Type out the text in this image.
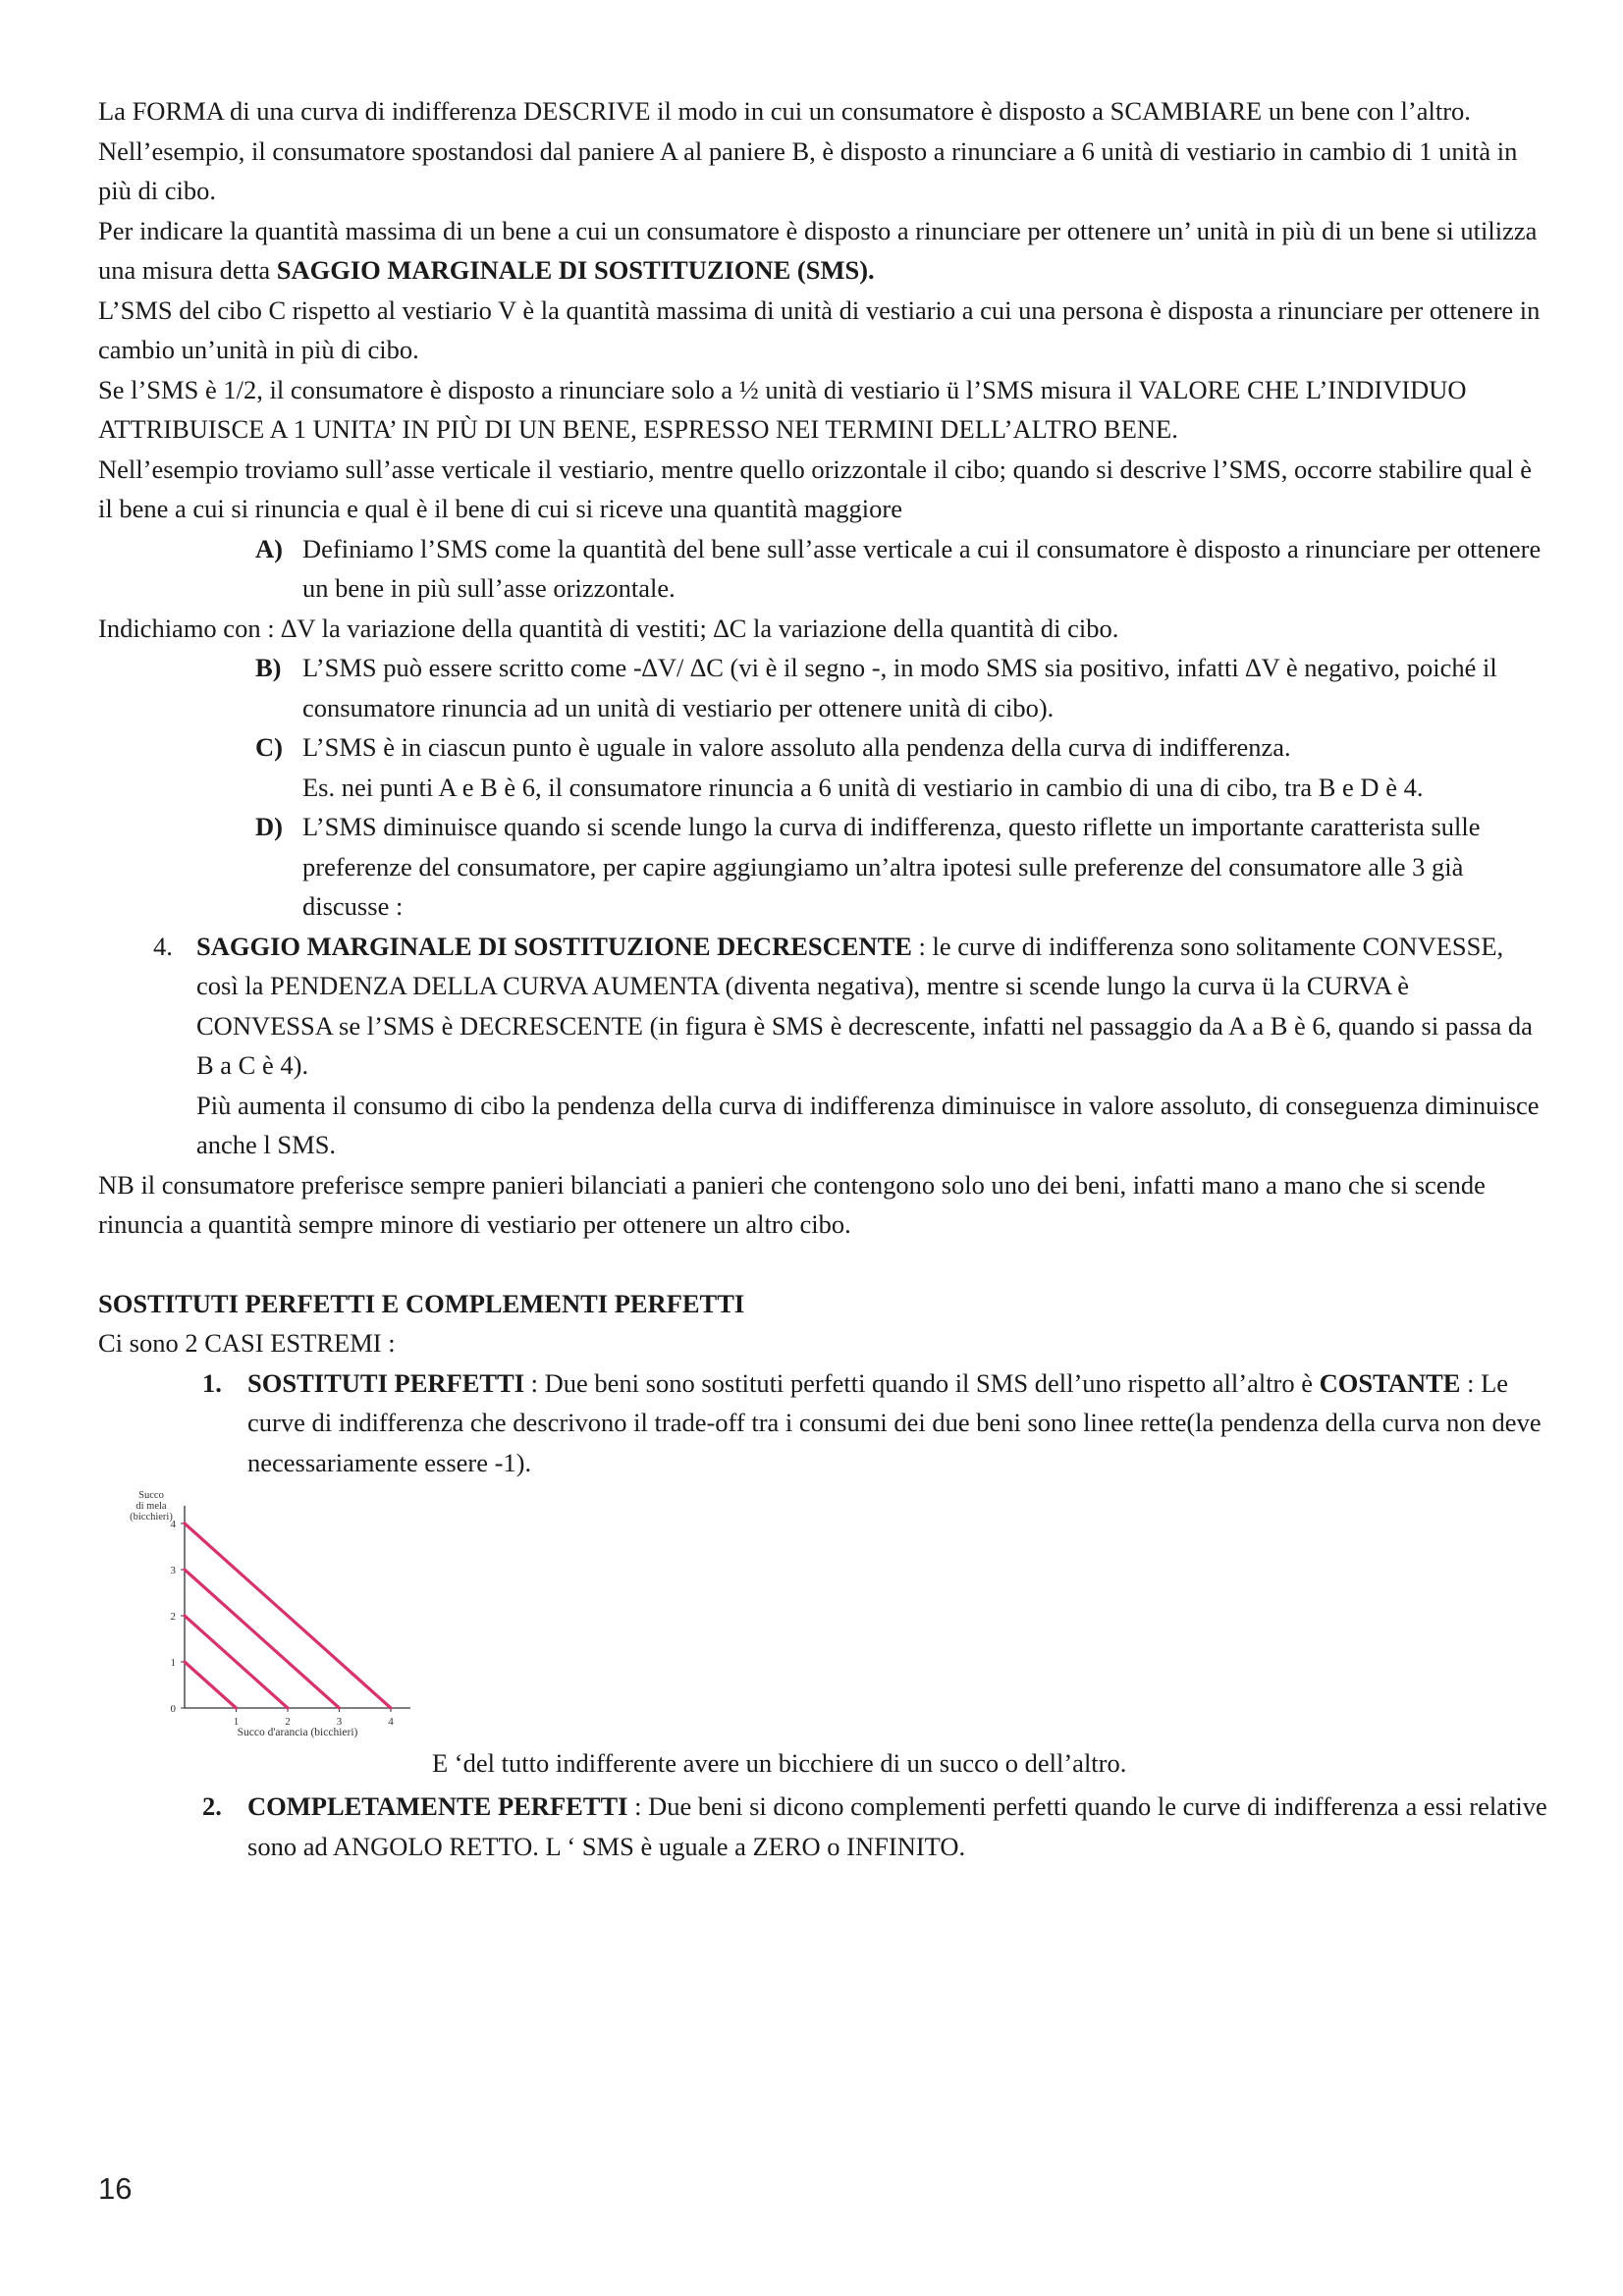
La FORMA di una curva di indifferenza DESCRIVE il modo in cui un consumatore è disposto a SCAMBIARE un bene con l’altro.

Nell’esempio, il consumatore spostandosi dal paniere A al paniere B, è disposto a rinunciare a 6 unità di vestiario in cambio di 1 unità in più di cibo.

Per indicare la quantità massima di un bene a cui un consumatore è disposto a rinunciare per ottenere un’ unità in più di un bene si utilizza una misura detta SAGGIO MARGINALE DI SOSTITUZIONE (SMS).

L’SMS del cibo C rispetto al vestiario V è la quantità massima di unità di vestiario a cui una persona è disposta a rinunciare per ottenere in cambio un’unità in più di cibo.

Se l’SMS è 1/2, il consumatore è disposto a rinunciare solo a ½ unità di vestiario ü l’SMS misura il VALORE CHE L’INDIVIDUO ATTRIBUISCE A 1 UNITA’ IN PIÙ DI UN BENE, ESPRESSO NEI TERMINI DELL’ALTRO BENE.

Nell’esempio troviamo sull’asse verticale il vestiario, mentre quello orizzontale il cibo; quando si descrive l’SMS, occorre stabilire qual è il bene a cui si rinuncia e qual è il bene di cui si riceve una quantità maggiore

A) Definiamo l’SMS come la quantità del bene sull’asse verticale a cui il consumatore è disposto a rinunciare per ottenere un bene in più sull’asse orizzontale.

Indichiamo con : ∆V la variazione della quantità di vestiti; ∆C la variazione della quantità di cibo.

B) L’SMS può essere scritto come -∆V/ ∆C (vi è il segno -, in modo SMS sia positivo, infatti ∆V è negativo, poiché il consumatore rinuncia ad un unità di vestiario per ottenere unità di cibo).

C) L’SMS è in ciascun punto è uguale in valore assoluto alla pendenza della curva di indifferenza.

Es. nei punti A e B è 6, il consumatore rinuncia a 6 unità di vestiario in cambio di una di cibo, tra B e D è 4.

D) L’SMS diminuisce quando si scende lungo la curva di indifferenza, questo riflette un importante caratterista sulle preferenze del consumatore, per capire aggiungiamo un’altra ipotesi sulle preferenze del consumatore alle 3 già discusse :

4. SAGGIO MARGINALE DI SOSTITUZIONE DECRESCENTE : le curve di indifferenza sono solitamente CONVESSE, così la PENDENZA DELLA CURVA AUMENTA (diventa negativa), mentre si scende lungo la curva ü la CURVA è CONVESSA se l’SMS è DECRESCENTE (in figura è SMS è decrescente, infatti nel passaggio da A a B è 6, quando si passa da B a C è 4).

Più aumenta il consumo di cibo la pendenza della curva di indifferenza diminuisce in valore assoluto, di conseguenza diminuisce anche l SMS.

NB il consumatore preferisce sempre panieri bilanciati a panieri che contengono solo uno dei beni, infatti mano a mano che si scende rinuncia a quantità sempre minore di vestiario per ottenere un altro cibo.

SOSTITUTI PERFETTI E COMPLEMENTI PERFETTI

Ci sono 2 CASI ESTREMI :

1. SOSTITUTI PERFETTI : Due beni sono sostituti perfetti quando il SMS dell’uno rispetto all’altro è COSTANTE : Le curve di indifferenza che descrivono il trade-off tra i consumi dei due beni sono linee rette(la pendenza della curva non deve necessariamente essere -1).

Succo
di mela
(bicchieri)
0
1
2
3
4
1	2	3	4
Succo d'arancia (bicchieri)

E ‘del tutto indifferente avere un bicchiere di un succo o dell’altro.

2. COMPLETAMENTE PERFETTI : Due beni si dicono complementi perfetti quando le curve di indifferenza a essi relative sono ad ANGOLO RETTO. L ‘ SMS è uguale a ZERO o INFINITO.

16
